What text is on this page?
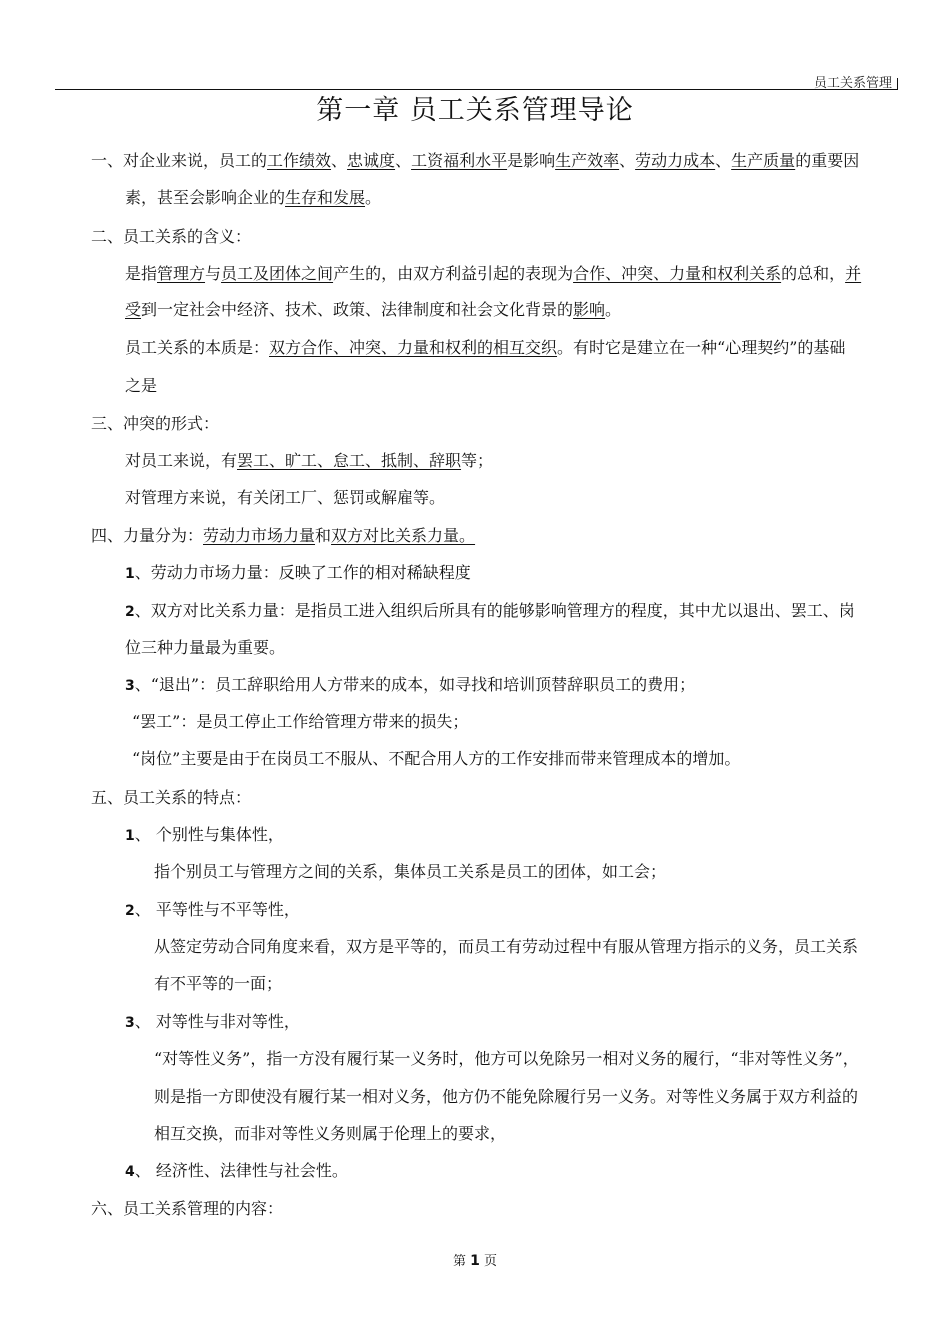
员工关系管理
第一章 员工关系管理导论
一、对企业来说，员工的工作绩效、忠诚度、工资福利水平是影响生产效率、劳动力成本、生产质量的重要因
素，甚至会影响企业的生存和发展。
二、员工关系的含义：
是指管理方与员工及团体之间产生的，由双方利益引起的表现为合作、冲突、力量和权利关系的总和，并
受到一定社会中经济、技术、政策、法律制度和社会文化背景的影响。
员工关系的本质是：双方合作、冲突、力量和权利的相互交织。有时它是建立在一种“心理契约”的基础
之是
三、冲突的形式：
对员工来说，有罢工、旷工、怠工、抵制、辞职等；
对管理方来说，有关闭工厂、惩罚或解雇等。
四、力量分为：劳动力市场力量和双方对比关系力量。
1、劳动力市场力量：反映了工作的相对稀缺程度
2、双方对比关系力量：是指员工进入组织后所具有的能够影响管理方的程度，其中尤以退出、罢工、岗
位三种力量最为重要。
3、“退出”：员工辞职给用人方带来的成本，如寻找和培训顶替辞职员工的费用；
“罢工”：是员工停止工作给管理方带来的损失；
“岗位”主要是由于在岗员工不服从、不配合用人方的工作安排而带来管理成本的增加。
五、员工关系的特点：
1、 个别性与集体性，
指个别员工与管理方之间的关系，集体员工关系是员工的团体，如工会；
2、 平等性与不平等性，
从签定劳动合同角度来看，双方是平等的，而员工有劳动过程中有服从管理方指示的义务，员工关系
有不平等的一面；
3、 对等性与非对等性，
“对等性义务”，指一方没有履行某一义务时，他方可以免除另一相对义务的履行，“非对等性义务”，
则是指一方即使没有履行某一相对义务，他方仍不能免除履行另一义务。对等性义务属于双方利益的
相互交换，而非对等性义务则属于伦理上的要求，
4、 经济性、法律性与社会性。
六、员工关系管理的内容：
第 1 页
